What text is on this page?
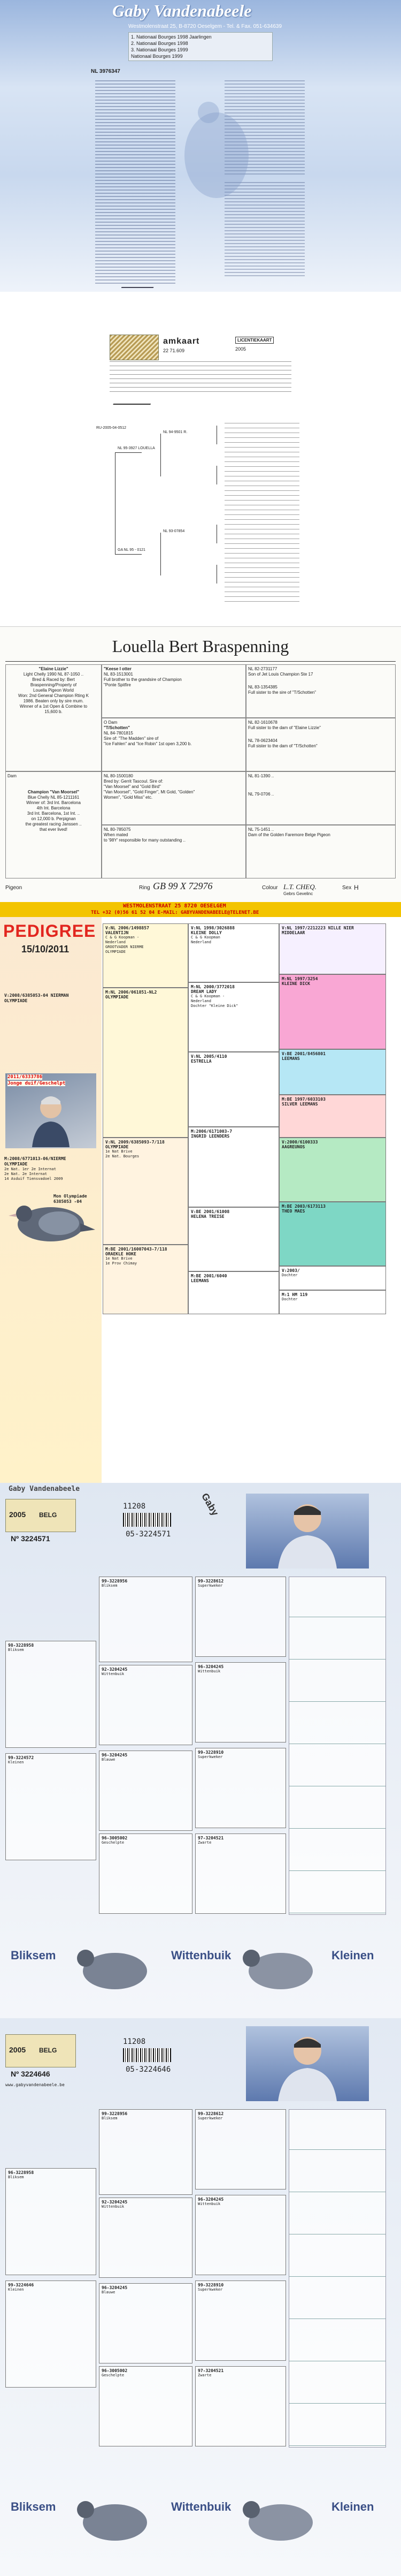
Gaby Vandenabeele
Westmolenstraat 25, B-8720 Oeselgem - Tel. & Fax. 051-634639
1. Nationaal Bourges 1998 Jaarlingen
2. Nationaal Bourges 1998
3. Nationaal Bourges 1999
Nationaal Bourges 1999
NL 3976347
amkaart
22 71.609
LICENTIEKAART
2005
RU-2005-04-0512
NL 95-3927 LOUELLA
GA NL 95 - 0121
NL 94-9501 R.
NL 93-07854
Louella Bert Braspenning
"Elaine Lizzie"
Light Chelly 1990 NL 87-1050 ..
Bred & Raced by: Bert
Braspenning/Property of
Louella Pigeon World
Won: 2nd General Champion Rting K
1986. Beaten only by sire mum.
Winner of a 1st Open & Combine to
15,600 b.
"Keese I otter
NL 83-1513001
Full brother to the grandsire of Champion
"Ponte Spitfire
NL 82-2731177
Son of Jet Louis Champion Ste 17
NL 83-1354385
Full sister to the sire of "T/Schotten"
O Dam
"T/Schotten"
NL 84-7801815
Sire of: "The Madden" sire of
"Ice Fahlen" and "Ice Robin" 1st open 3,200 b.
NL 82-1610678
Full sister to the dam of "Elaine Lizzie"
NL 78-0623404
Full sister to the dam of "T/Schotten"
Dam
Champion "Van Moorsel"
Blue Chelly NL 85-1211161
Winner of: 3rd Int. Barcelona
4th Int. Barcelona
3rd Int. Barcelona, 1st Int. ..
on 12,000 b. Perpignan
the greatest racing Janssen ..
that ever lived!
NL 80-1500180
Bred by: Gerrit Tascoul. Sire of:
"Van Moorsel" and "Gold Bird"
"Van Moorsel", "Gold Finger", Mt Gold, "Golden"
Women", "Gold Miss" etc.
NL 81-1390 ..
NL 79-0706 ..
NL 80-785075
When mated
to '98Y' responsible for many outstanding ..
NL 75-1451 ..
Dam of the Golden Faremore Belge Pigeon
Pigeon	Ring GB 99 X 72976	Colour L.T. CHEQ.	Sex H
Gebrs Gevelinc
WESTMOLENSTRAAT 25 8720 OESELGEM
TEL +32 (0)56 61 52 04 E-MAIL: GABYVANDENABEELE@TELENET.BE
PEDIGREE
15/10/2011
V:2008/6385053-04 NIERMAN
OLYMPIADE
2011/6333786
Jonge duif/Geschelpt
M:2008/6771013-06/NIERME
OLYMPIADE
2e Nat. 1er 2e Internat
2e Nat. 2e Internat
14 Asduif Tiensvadoel 2009
Mon Olympiade
6385053 -04
V:NL 2006/1498857
VALENTIJN
C & G Koopman -
Nederland
GROOTVADER NIERME
OLYMPIADE
M:NL 2006/061851-NL2
OLYMPIADE
V:NL 2009/6385093-7/118
OLYMPIADE
1e Nat Brive
2e Nat. Bourges
M:BE 2001/16007043-7/118
ORAEKLE HOKE
1e Nat Brive
1e Prov Chimay
V:NL 1998/3026888
KLEINE DOLLY
C & G Koopman
Nederland
M:NL 2000/3772018
DREAM LADY
C & G Koopman -
Nederland
Dochter "Kleine Dick"
V:NL 2005/4110
ESTRELLA
M:2006/6171003-7
INGRID LEENDERS
V:BE 2001/61008
HELENA TREISE
M:BE 2001/6040
LEEMANS
V:NL 1997/2212223 NILLE NIER
MIDDELAAR
M:NL 1997/3254
KLEINE DICK
V:BE 2001/8456801
LEEMANS
M:BE 1997/6033103
SILVER LEEMANS
V:2000/6100333
AAGREUNOS
M:BE 2003/6173113
THEO MAES
V:2003/
Dochter
M:1 HM 119
Dochter
Gaby Vandenabeele
2005 BELG
Nº 3224571
11208
05-3224571
Gaby
98-3228958
Bliksem
99-3224572
Kleinen
99-3228956
Bliksem
92-3204245
Wittenbuik
96-3204245
Blauwe
96-3005002
Geschelpte
99-3228612
Superkweker
96-3204245
Wittenbuik
99-3228910
Superkweker
97-3204521
Zwarte
Bliksem	Wittenbuik	Kleinen
2005 BELG
Nº 3224646
www.gabyvandenabeele.be
11208
05-3224646
96-3228958
Bliksem
99-3224646
Kleinen
99-3228956
Bliksem
92-3204245
Wittenbuik
96-3204245
Blauwe
96-3005002
Geschelpte
99-3228612
Superkweker
96-3204245
Wittenbuik
99-3228910
Superkweker
97-3204521
Zwarte
Bliksem	Wittenbuik	Kleinen
